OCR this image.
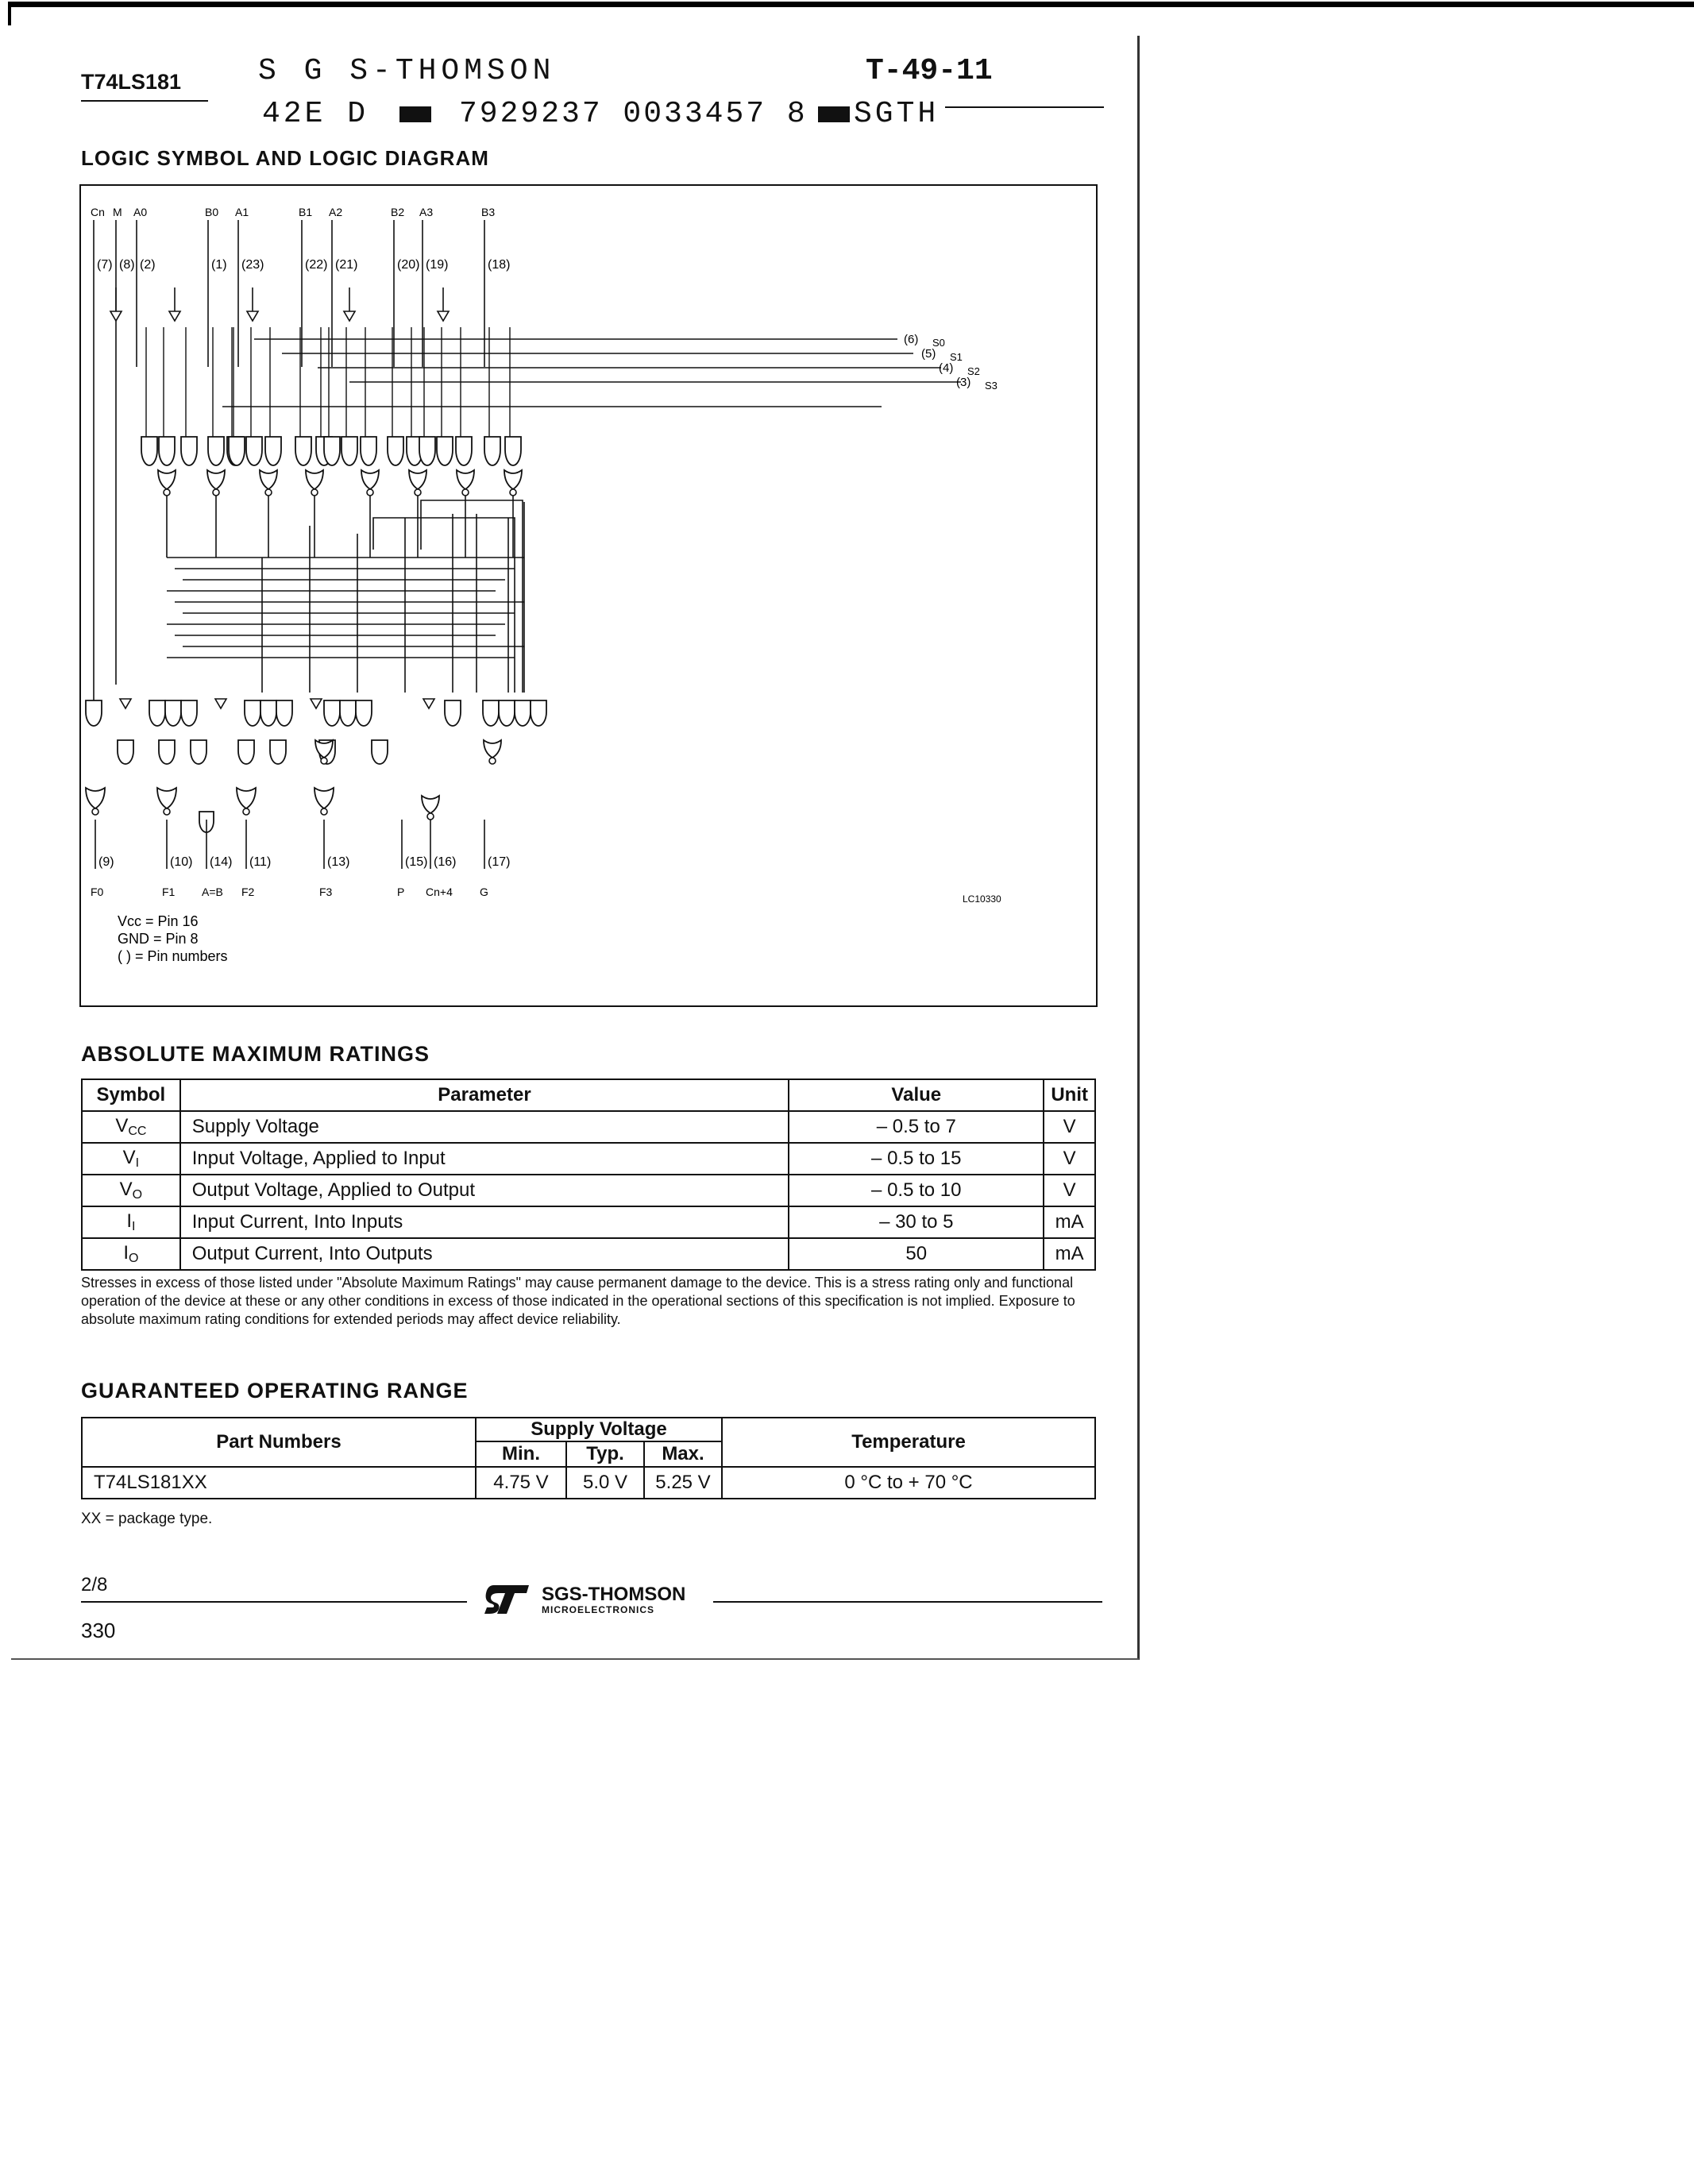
T74LS181	S G S-THOMSON	T-49-11
42E D	7929237 0033457 8 SGTH
LOGIC SYMBOL AND LOGIC DIAGRAM
Cn
(7)
M
(8)
A0
(2)
B0
(1)
A1
(23)
B1
(22)
A2
(21)
B2
(20)
A3
(19)
B3
(18)
(6) S0
(5) S1
(4) S2
(3) S3
(9)
F0
(10)
F1
(14)
A=B
(11)
F2
(13)
F3
(15)
P
(16)
Cn+4
(17)
G
LC10330
Vcc = Pin 16
GND = Pin 8
( ) = Pin numbers
ABSOLUTE MAXIMUM RATINGS
Symbol	Parameter	Value	Unit
$V_{CC}$	Supply Voltage	– 0.5 to 7	V
$V_I$	Input Voltage, Applied to Input	– 0.5 to 15	V
$V_O$	Output Voltage, Applied to Output	– 0.5 to 10	V
$I_I$	Input Current, Into Inputs	– 30 to 5	mA
$I_O$	Output Current, Into Outputs	50	mA
Stresses in excess of those listed under "Absolute Maximum Ratings" may cause permanent damage to the device. This is a stress rating only and functional operation of the device at these or any other conditions in excess of those indicated in the operational sections of this specification is not implied. Exposure to absolute maximum rating conditions for extended periods may affect device reliability.
GUARANTEED OPERATING RANGE
Part Numbers	Supply Voltage			Temperature
	Min.	Typ.	Max.	
T74LS181XX	4.75 V	5.0 V	5.25 V	0 °C to + 70 °C
XX = package type.
2/8	SGS-THOMSON
MICROELECTRONICS
330
